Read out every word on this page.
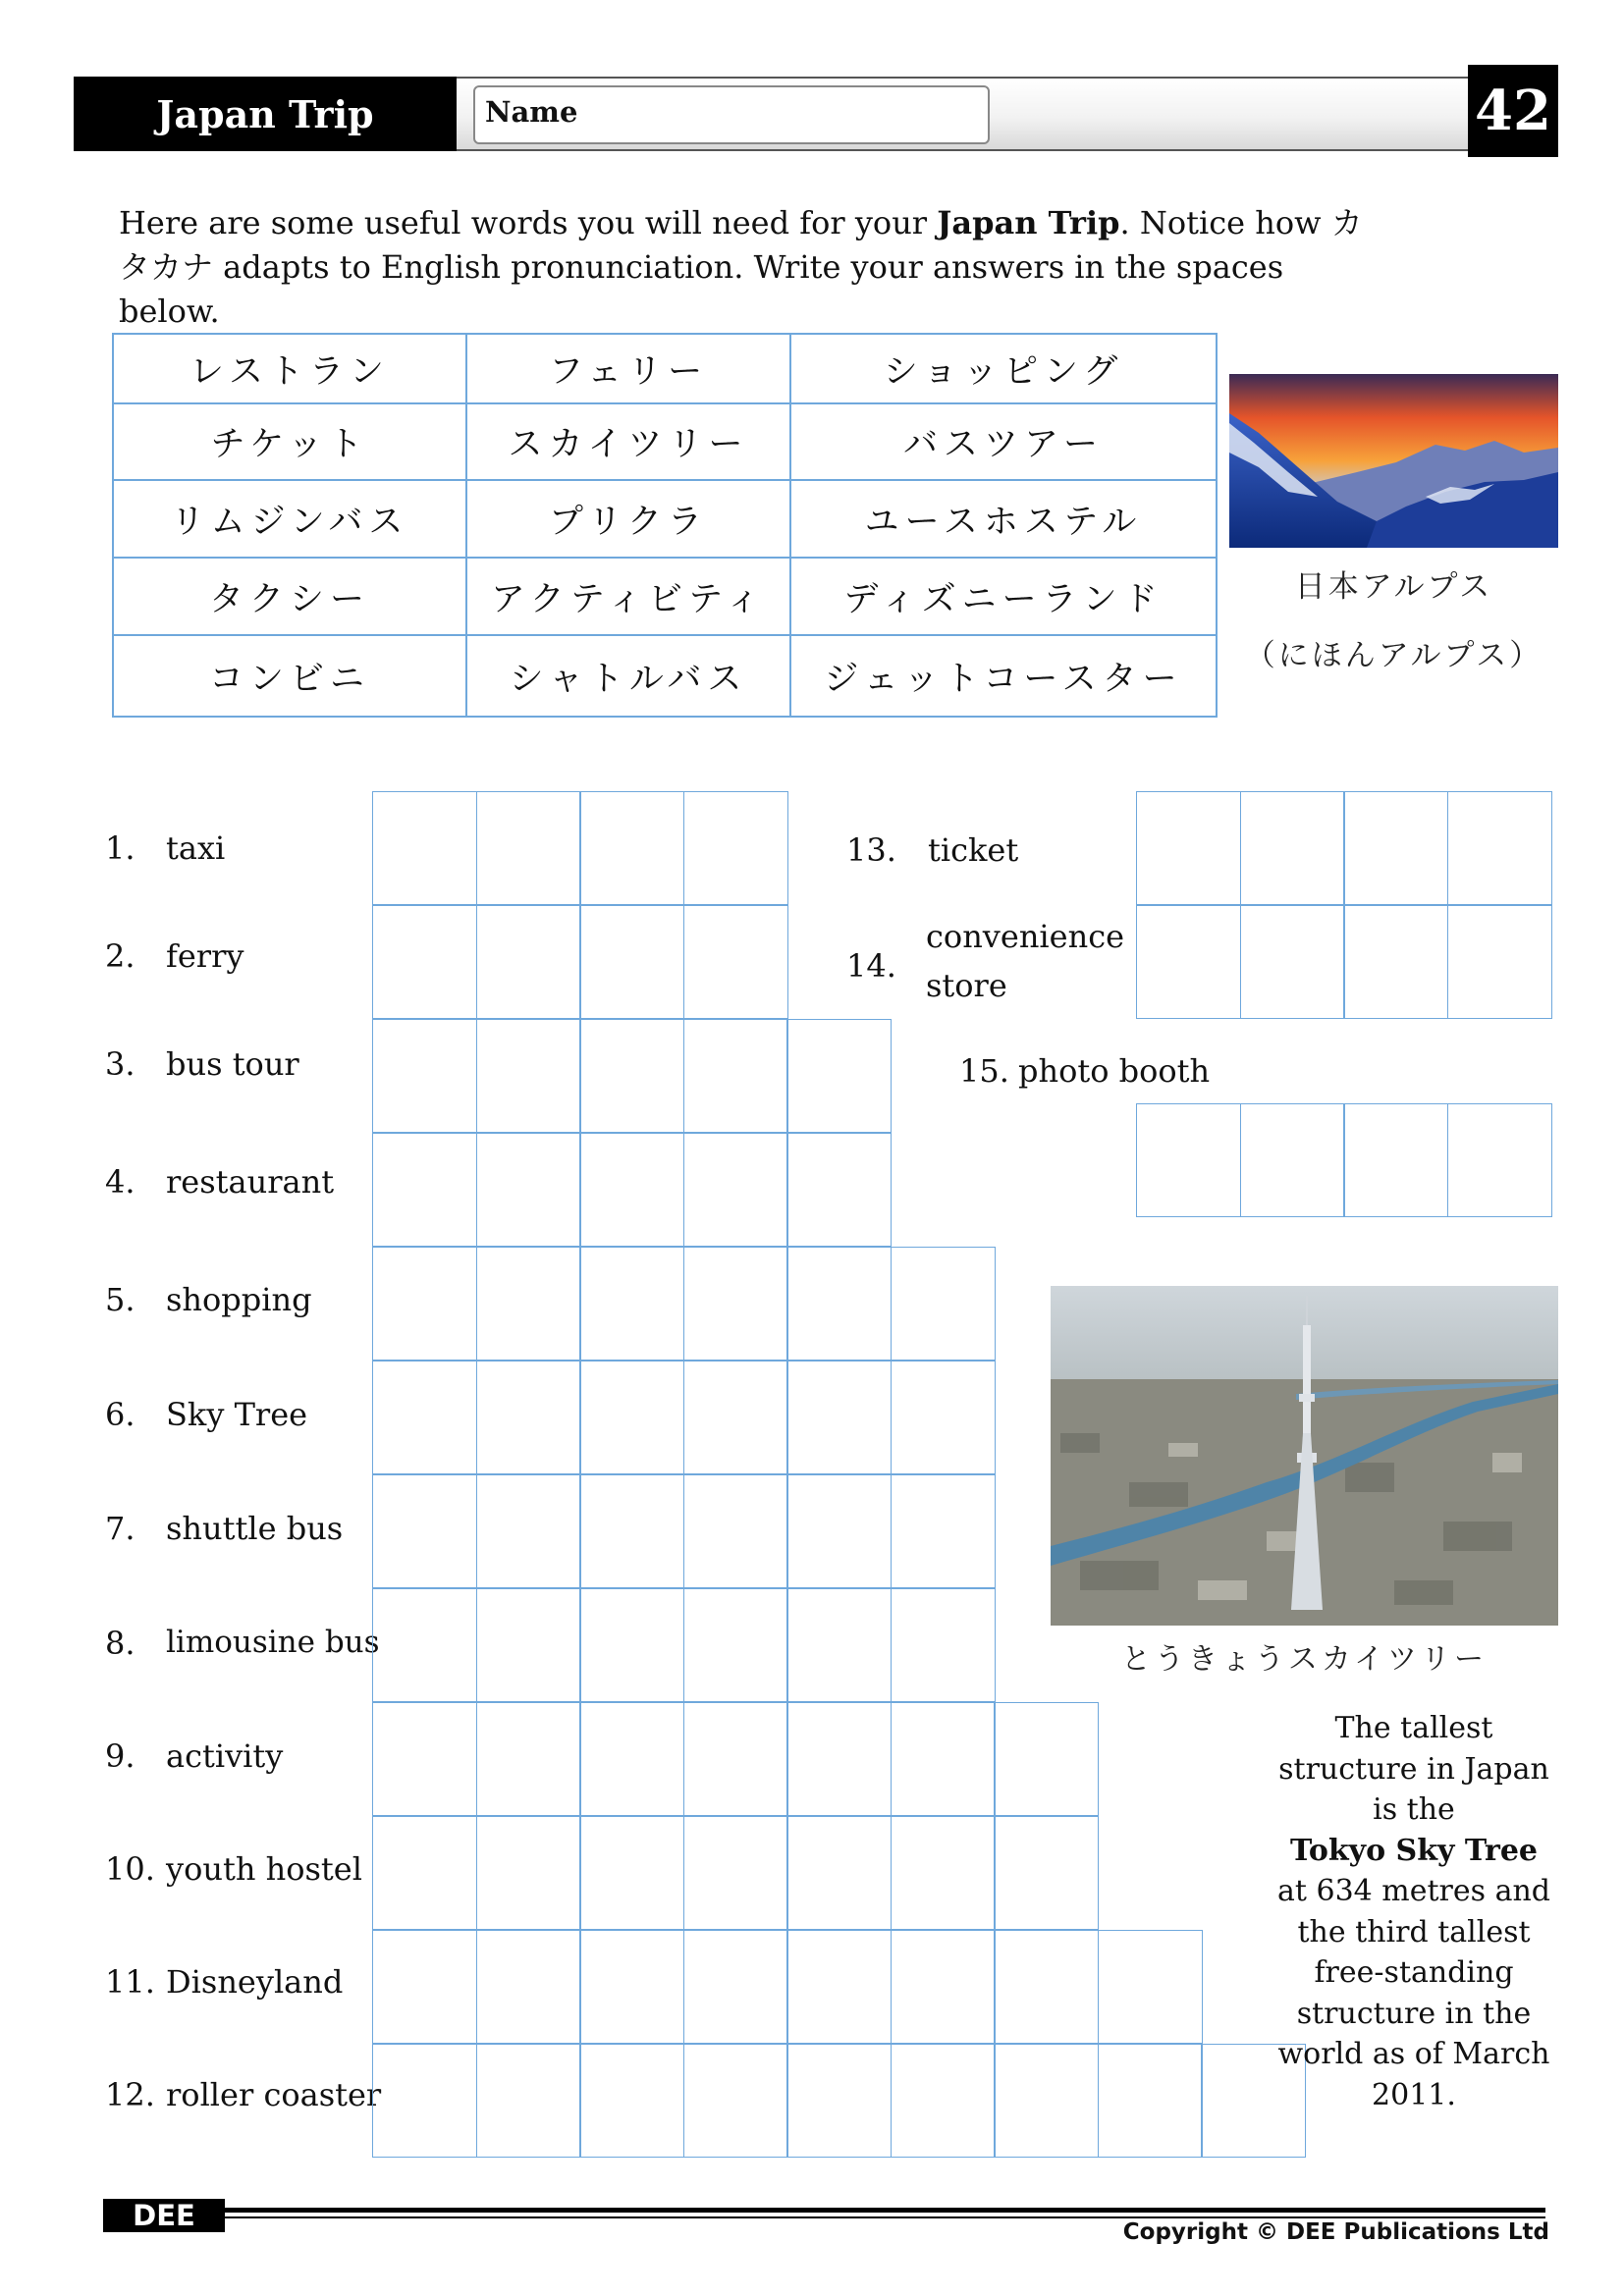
Japan Trip	Name	42
Here are some useful words you will need for your Japan Trip. Notice how カタカナ adapts to English pronunciation. Write your answers in the spaces below.
レストラン	フェリー	ショッピング
チケット	スカイツリー	バスツアー
リムジンバス	プリクラ	ユースホステル
タクシー	アクティビティ	ディズニーランド
コンビニ	シャトルバス	ジェットコースター
日本アルプス
（にほんアルプス）
1. taxi
2. ferry
3. bus tour
4. restaurant
5. shopping
6. Sky Tree
7. shuttle bus
8. limousine bus
9. activity
10. youth hostel
11. Disneyland
12. roller coaster
13. ticket
14.
convenience
store
15. photo booth
とうきょうスカイツリー
The tallest structure in Japan is the
Tokyo Sky Tree
at 634 metres and the third tallest free-standing structure in the world as of March 2011.
DEE	Copyright © DEE Publications Ltd
